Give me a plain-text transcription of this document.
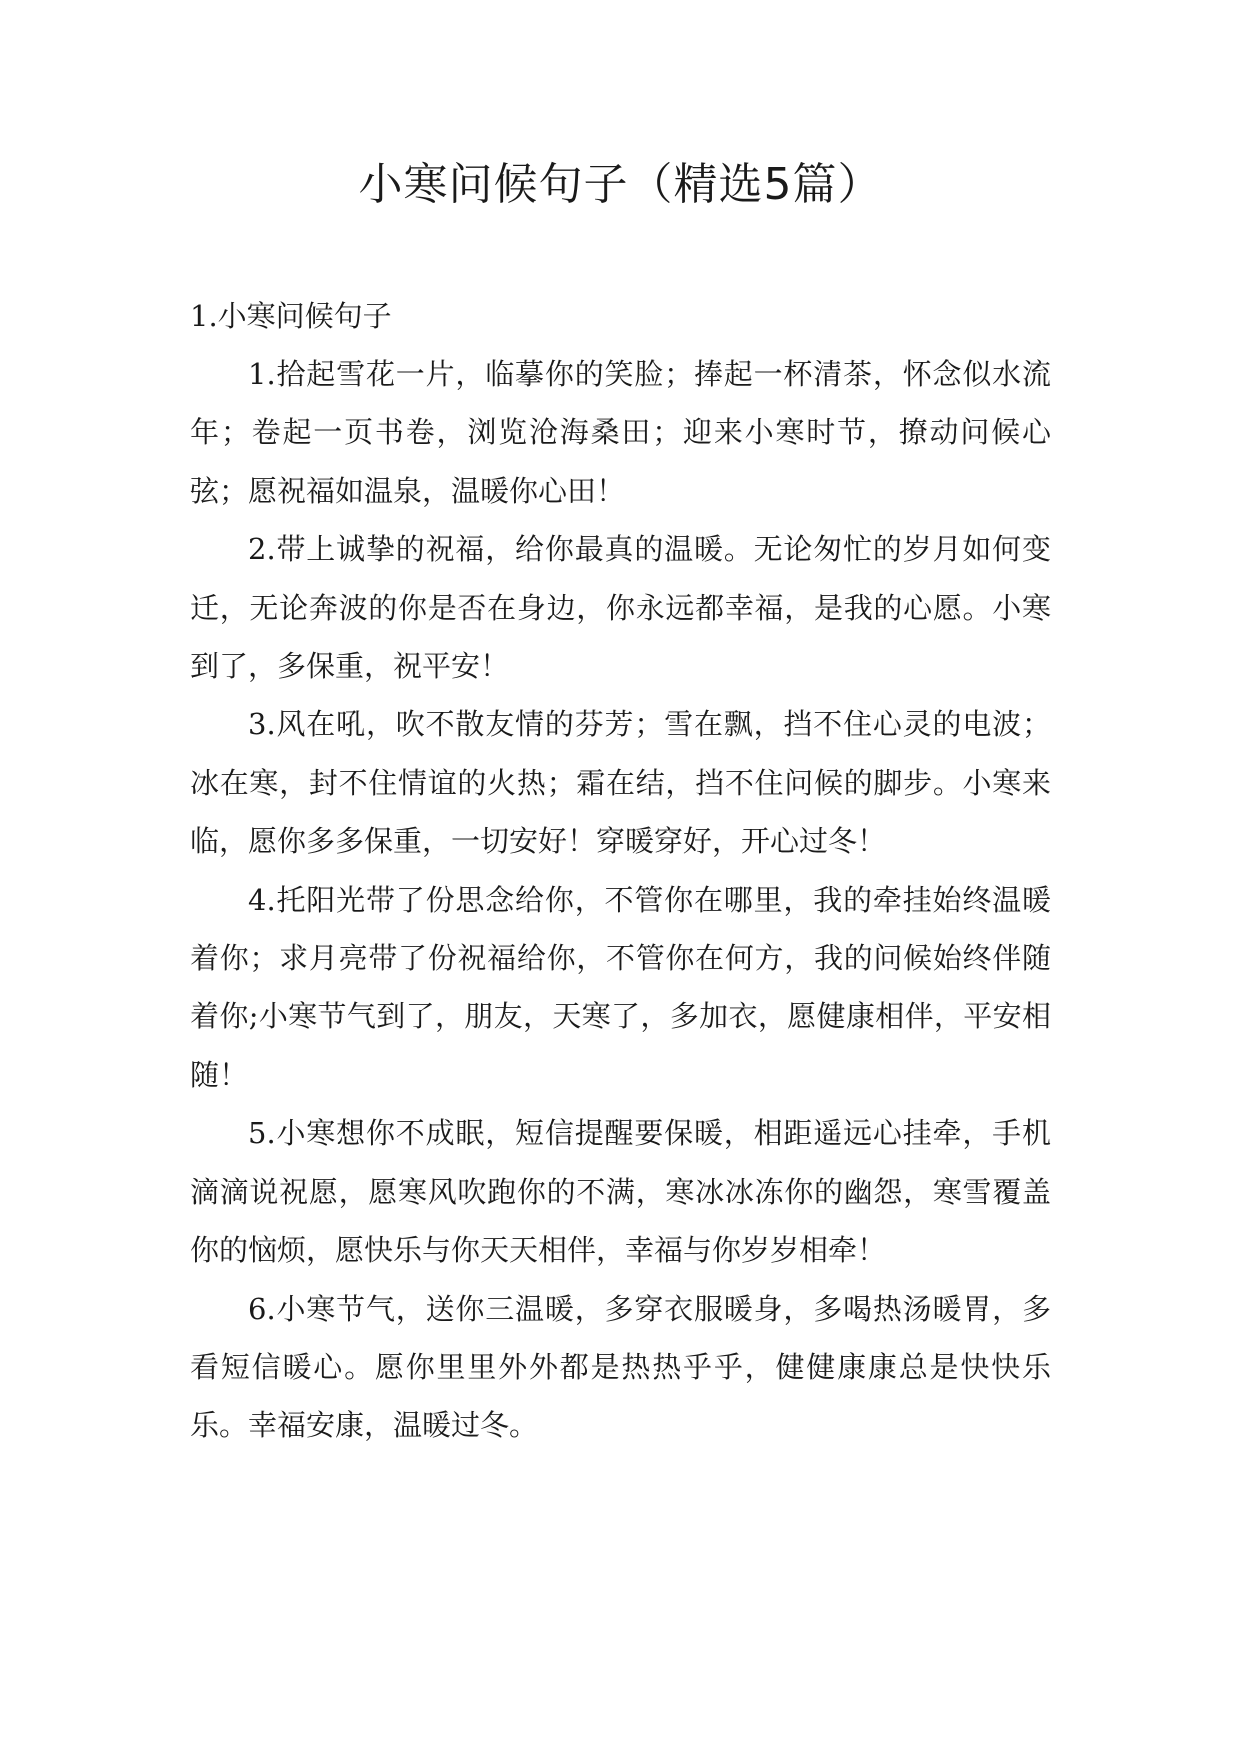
小寒问候句子（精选5篇）

1.小寒问候句子

1.拾起雪花一片，临摹你的笑脸；捧起一杯清茶，怀念似水流年；卷起一页书卷，浏览沧海桑田；迎来小寒时节，撩动问候心弦；愿祝福如温泉，温暖你心田！

2.带上诚挚的祝福，给你最真的温暖。无论匆忙的岁月如何变迁，无论奔波的你是否在身边，你永远都幸福，是我的心愿。小寒到了，多保重，祝平安！

3.风在吼，吹不散友情的芬芳；雪在飘，挡不住心灵的电波；冰在寒，封不住情谊的火热；霜在结，挡不住问候的脚步。小寒来临，愿你多多保重，一切安好！穿暖穿好，开心过冬！

4.托阳光带了份思念给你，不管你在哪里，我的牵挂始终温暖着你；求月亮带了份祝福给你，不管你在何方，我的问候始终伴随着你;小寒节气到了，朋友，天寒了，多加衣，愿健康相伴，平安相随！

5.小寒想你不成眠，短信提醒要保暖，相距遥远心挂牵，手机滴滴说祝愿，愿寒风吹跑你的不满，寒冰冰冻你的幽怨，寒雪覆盖你的恼烦，愿快乐与你天天相伴，幸福与你岁岁相牵！

6.小寒节气，送你三温暖，多穿衣服暖身，多喝热汤暖胃，多看短信暖心。愿你里里外外都是热热乎乎，健健康康总是快快乐乐。幸福安康，温暖过冬。
